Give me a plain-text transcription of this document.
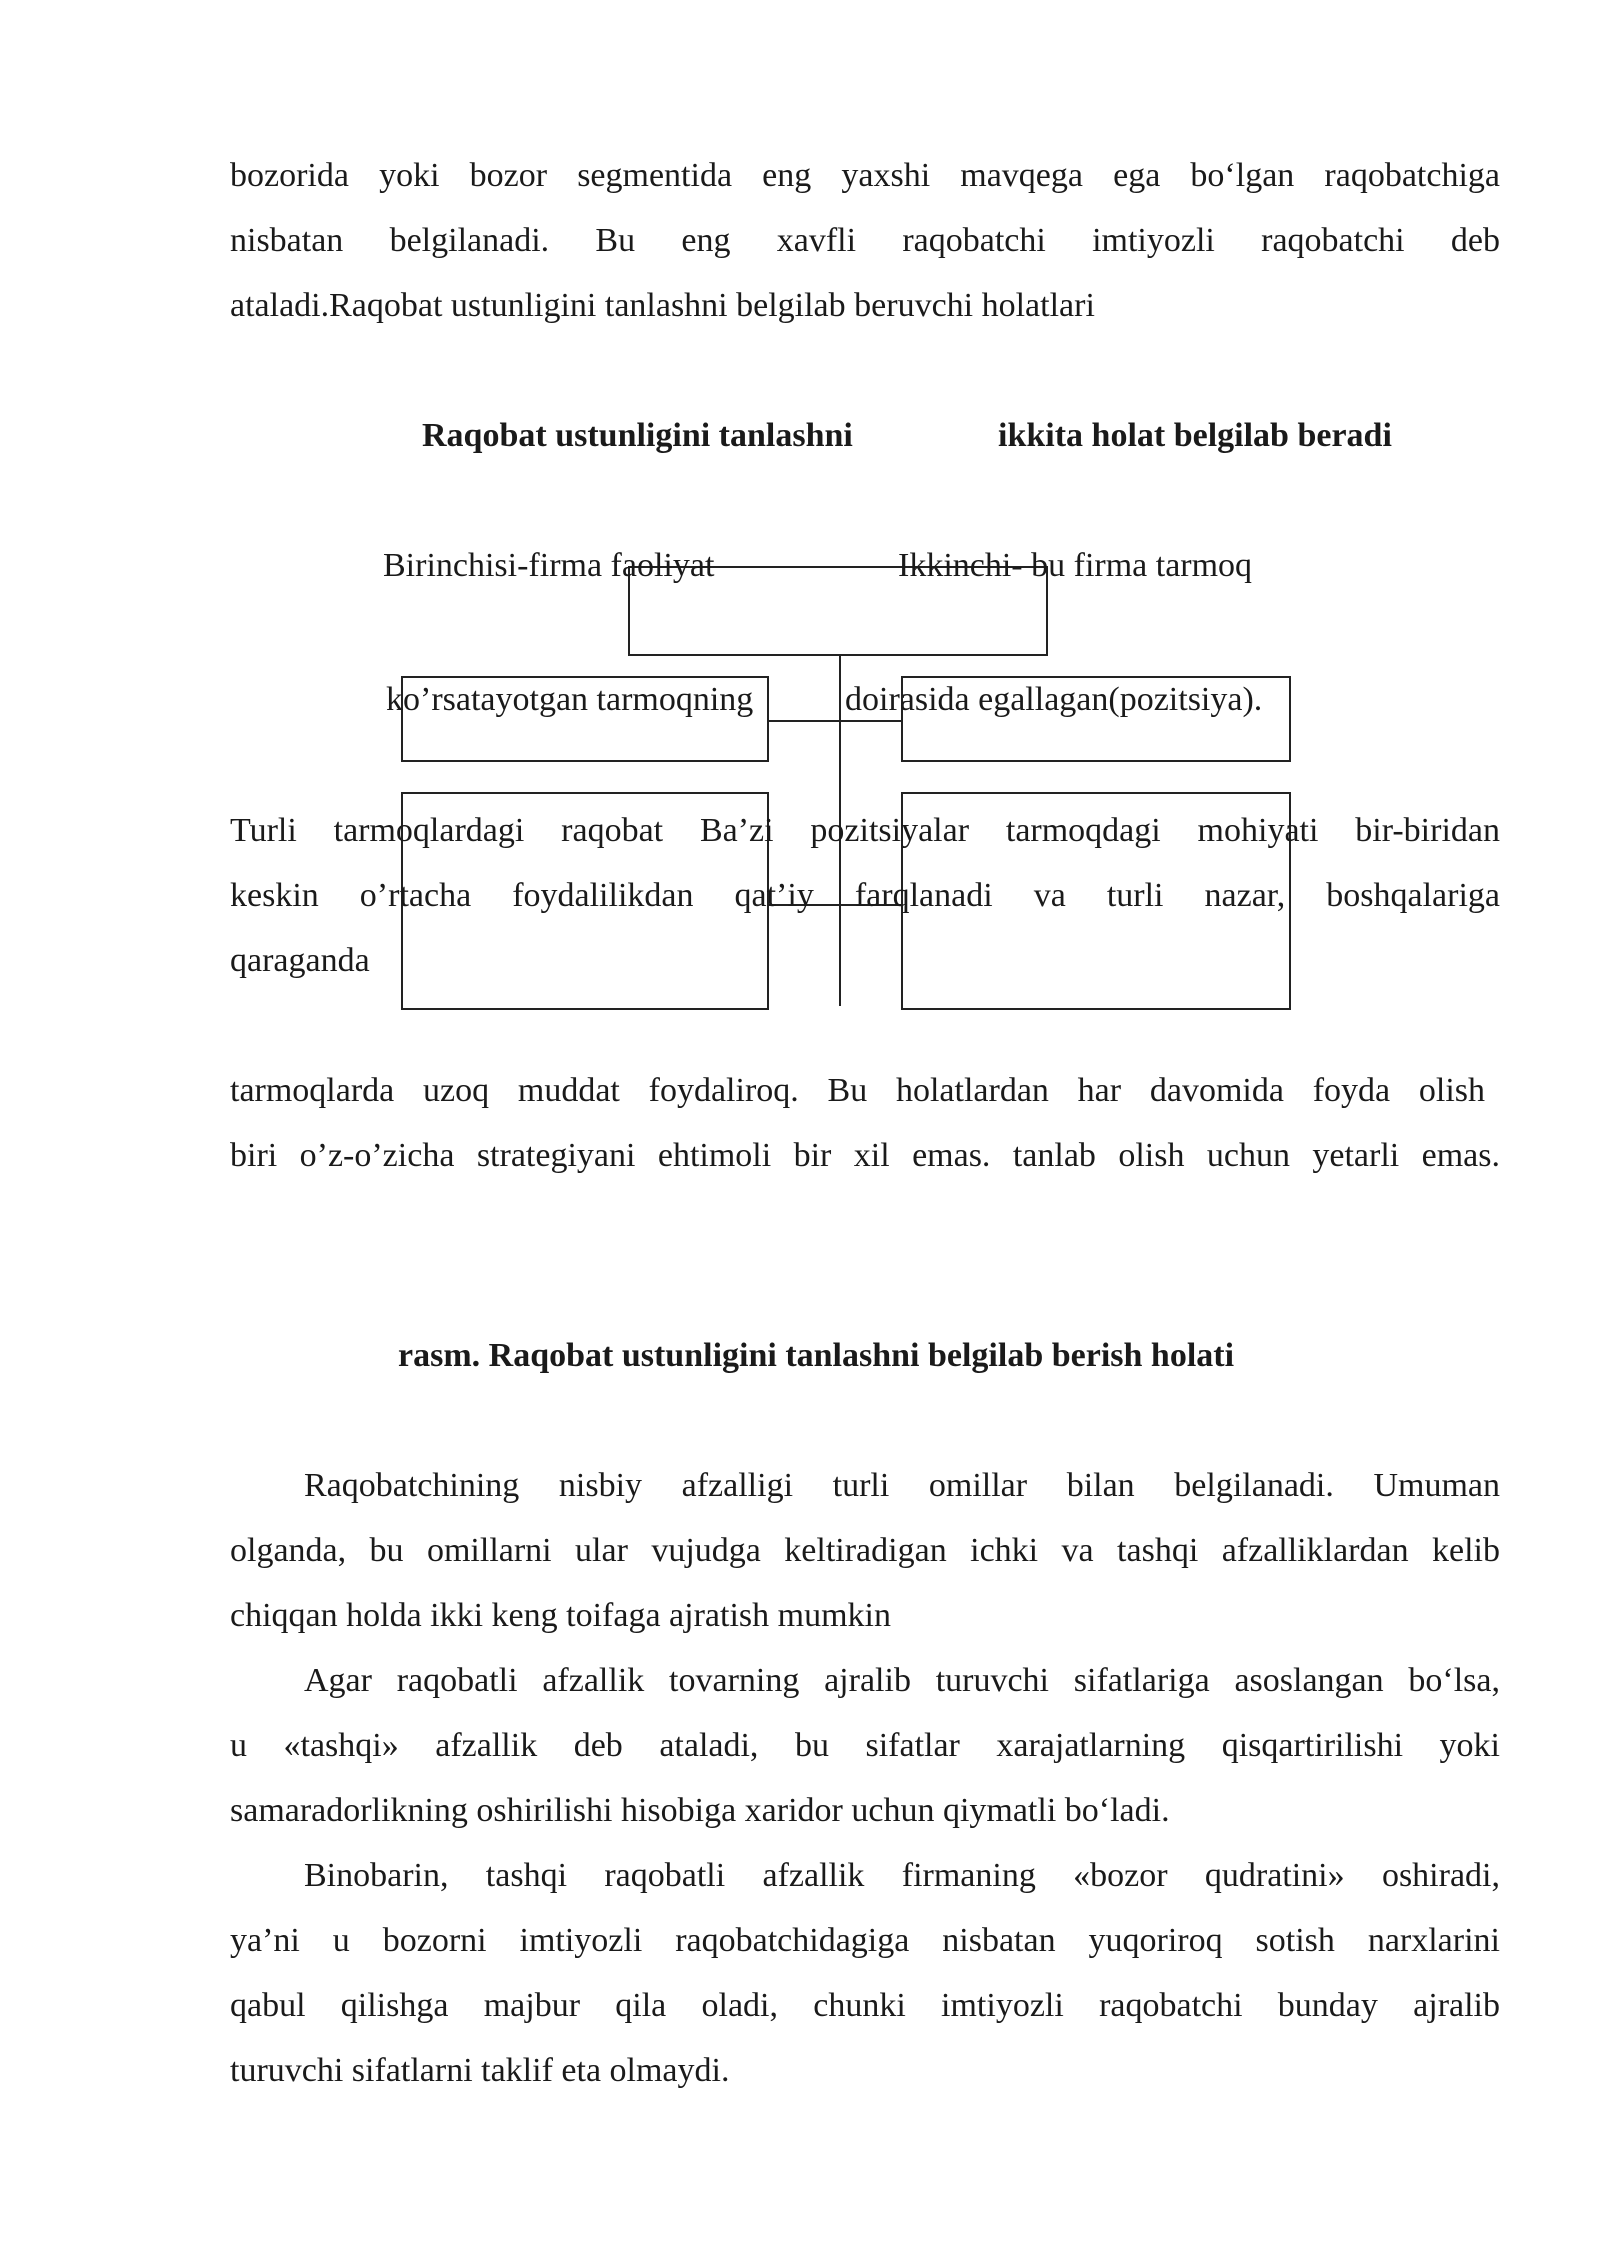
bozorida yoki bozor segmentida eng yaxshi mavqega ega bo‘lgan raqobatchiga
nisbatan belgilanadi. Bu eng xavfli raqobatchi imtiyozli raqobatchi deb
ataladi.Raqobat ustunligini tanlashni belgilab beruvchi holatlari
Raqobat ustunligini tanlashni	ikkita holat belgilab beradi
Birinchisi-firma faoliyat	Ikkinchi- bu firma tarmoq
ko’rsatayotgan tarmoqning	doirasida egallagan(pozitsiya).
Turli tarmoqlardagi raqobat Ba’zi pozitsiyalar tarmoqdagi mohiyati bir-biridan
keskin o’rtacha foydalilikdan qat’iy farqlanadi va turli nazar, boshqalariga
qaraganda
tarmoqlarda uzoq muddat foydaliroq. Bu holatlardan har davomida foyda olish
biri o’z-o’zicha strategiyani ehtimoli bir xil emas. tanlab olish uchun yetarli emas.
rasm. Raqobat ustunligini tanlashni belgilab berish holati
Raqobatchining nisbiy afzalligi turli omillar bilan belgilanadi. Umuman
olganda, bu omillarni ular vujudga keltiradigan ichki va tashqi afzalliklardan kelib
chiqqan holda ikki keng toifaga ajratish mumkin
Agar raqobatli afzallik tovarning ajralib turuvchi sifatlariga asoslangan bo‘lsa,
u «tashqi» afzallik deb ataladi, bu sifatlar xarajatlarning qisqartirilishi yoki
samaradorlikning oshirilishi hisobiga xaridor uchun qiymatli bo‘ladi.
Binobarin, tashqi raqobatli afzallik firmaning «bozor qudratini» oshiradi,
ya’ni u bozorni imtiyozli raqobatchidagiga nisbatan yuqoriroq sotish narxlarini
qabul qilishga majbur qila oladi, chunki imtiyozli raqobatchi bunday ajralib
turuvchi sifatlarni taklif eta olmaydi.
